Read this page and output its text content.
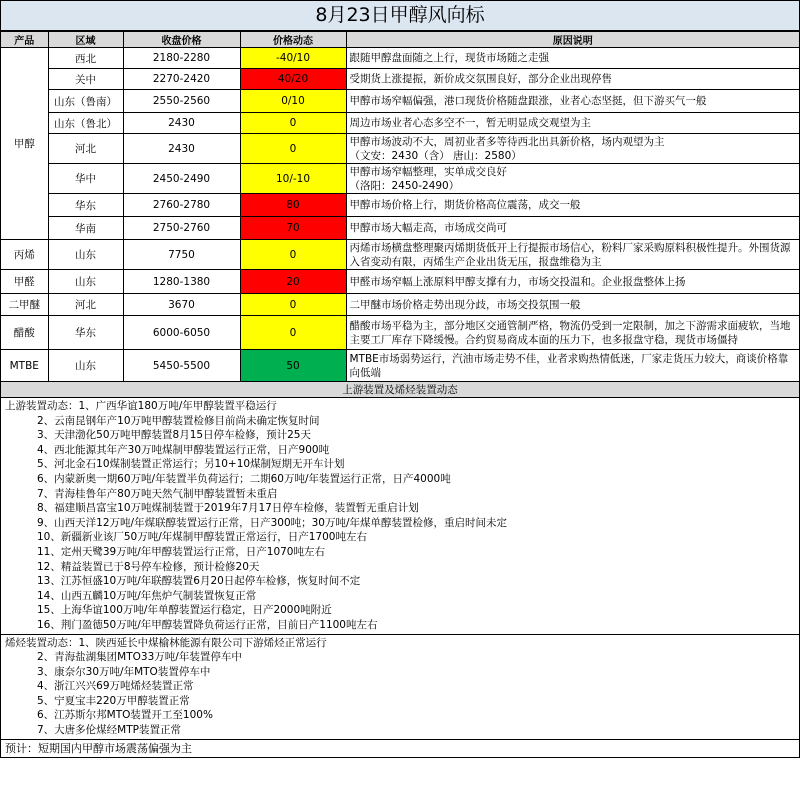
8月23日甲醇风向标
产品	区域	收盘价格	价格动态	原因说明
甲醇	西北	2180-2280	-40/10	跟随甲醇盘面随之上行，现货市场随之走强

	关中	2270-2420	40/20	受期货上涨提振，新价成交氛围良好，部分企业出现停售

	山东（鲁南）	2550-2560	0/10	甲醇市场窄幅偏强，港口现货价格随盘跟涨，业者心态坚挺，但下游买气一般

	山东（鲁北）	2430	0	周边市场业者心态多空不一，暂无明显成交观望为主

	河北	2430	0	甲醇市场波动不大，周初业者多等待西北出具新价格，场内观望为主
（文安：2430（含） 唐山：2580）

	华中	2450-2490	10/-10	甲醇市场窄幅整理，实单成交良好
（洛阳：2450-2490）

	华东	2760-2780	80	甲醇市场价格上行，期货价格高位震荡，成交一般

	华南	2750-2760	70	甲醇市场大幅走高，市场成交尚可

丙烯	山东	7750	0	丙烯市场横盘整理聚丙烯期货低开上行提振市场信心，粉料厂家采购原料积极性提升。外围货源入省变动有限，丙烯生产企业出货无压，报盘维稳为主

甲醛	山东	1280-1380	20	甲醛市场窄幅上涨原料甲醇支撑有力，市场交投温和。企业报盘整体上扬

二甲醚	河北	3670	0	二甲醚市场价格走势出现分歧，市场交投氛围一般

醋酸	华东	6000-6050	0	醋酸市场平稳为主，部分地区交通管制严格，物流仍受到一定限制，加之下游需求面疲软，当地主要工厂库存下降缓慢。合约贸易商成本面的压力下，也多报盘守稳，现货市场僵持

MTBE	山东	5450-5500	50	MTBE市场弱势运行，汽油市场走势不佳，业者求购热情低迷，厂家走货压力较大，商谈价格靠向低端

上游装置及烯烃装置动态				
上游装置动态：1、广西华谊180万吨/年甲醇装置平稳运行
2、云南昆钢年产10万吨甲醇装置检修目前尚未确定恢复时间
3、天津渤化50万吨甲醇装置8月15日停车检修，预计25天
4、西北能源其年产30万吨煤制甲醇装置运行正常，日产900吨
5、河北金石10煤制装置正常运行；另10+10煤制短期无开车计划
6、内蒙新奥一期60万吨/年装置半负荷运行；二期60万吨/年装置运行正常，日产4000吨
7、青海桂鲁年产80万吨天然气制甲醇装置暂未重启
8、福建顺昌富宝10万吨煤制装置于2019年7月17日停车检修，装置暂无重启计划
9、山西天洋12万吨/年煤联醇装置运行正常，日产300吨；30万吨/年煤单醇装置检修，重启时间未定
10、新疆新业该厂50万吨/年煤制甲醇装置正常运行，日产1700吨左右
11、定州天鹭39万吨/年甲醇装置运行正常，日产1070吨左右
12、精益装置已于8号停车检修，预计检修20天
13、江苏恒盛10万吨/年联醇装置6月20日起停车检修，恢复时间不定
14、山西五麟10万吨/年焦炉气制装置恢复正常
15、上海华谊100万吨/年单醇装置运行稳定，日产2000吨附近
16、荆门盈德50万吨/年甲醇装置降负荷运行正常，目前日产1100吨左右
烯烃装置动态：1、陕西延长中煤榆林能源有限公司下游烯烃正常运行
2、青海盐湖集团MTO33万吨/年装置停车中
3、康奈尔30万吨/年MTO装置停车中
4、浙江兴兴69万吨烯烃装置正常
5、宁夏宝丰220万甲醇装置正常
6、江苏斯尔邦MTO装置开工至100%
7、大唐多伦煤经MTP装置正常
预计：短期国内甲醇市场震荡偏强为主
